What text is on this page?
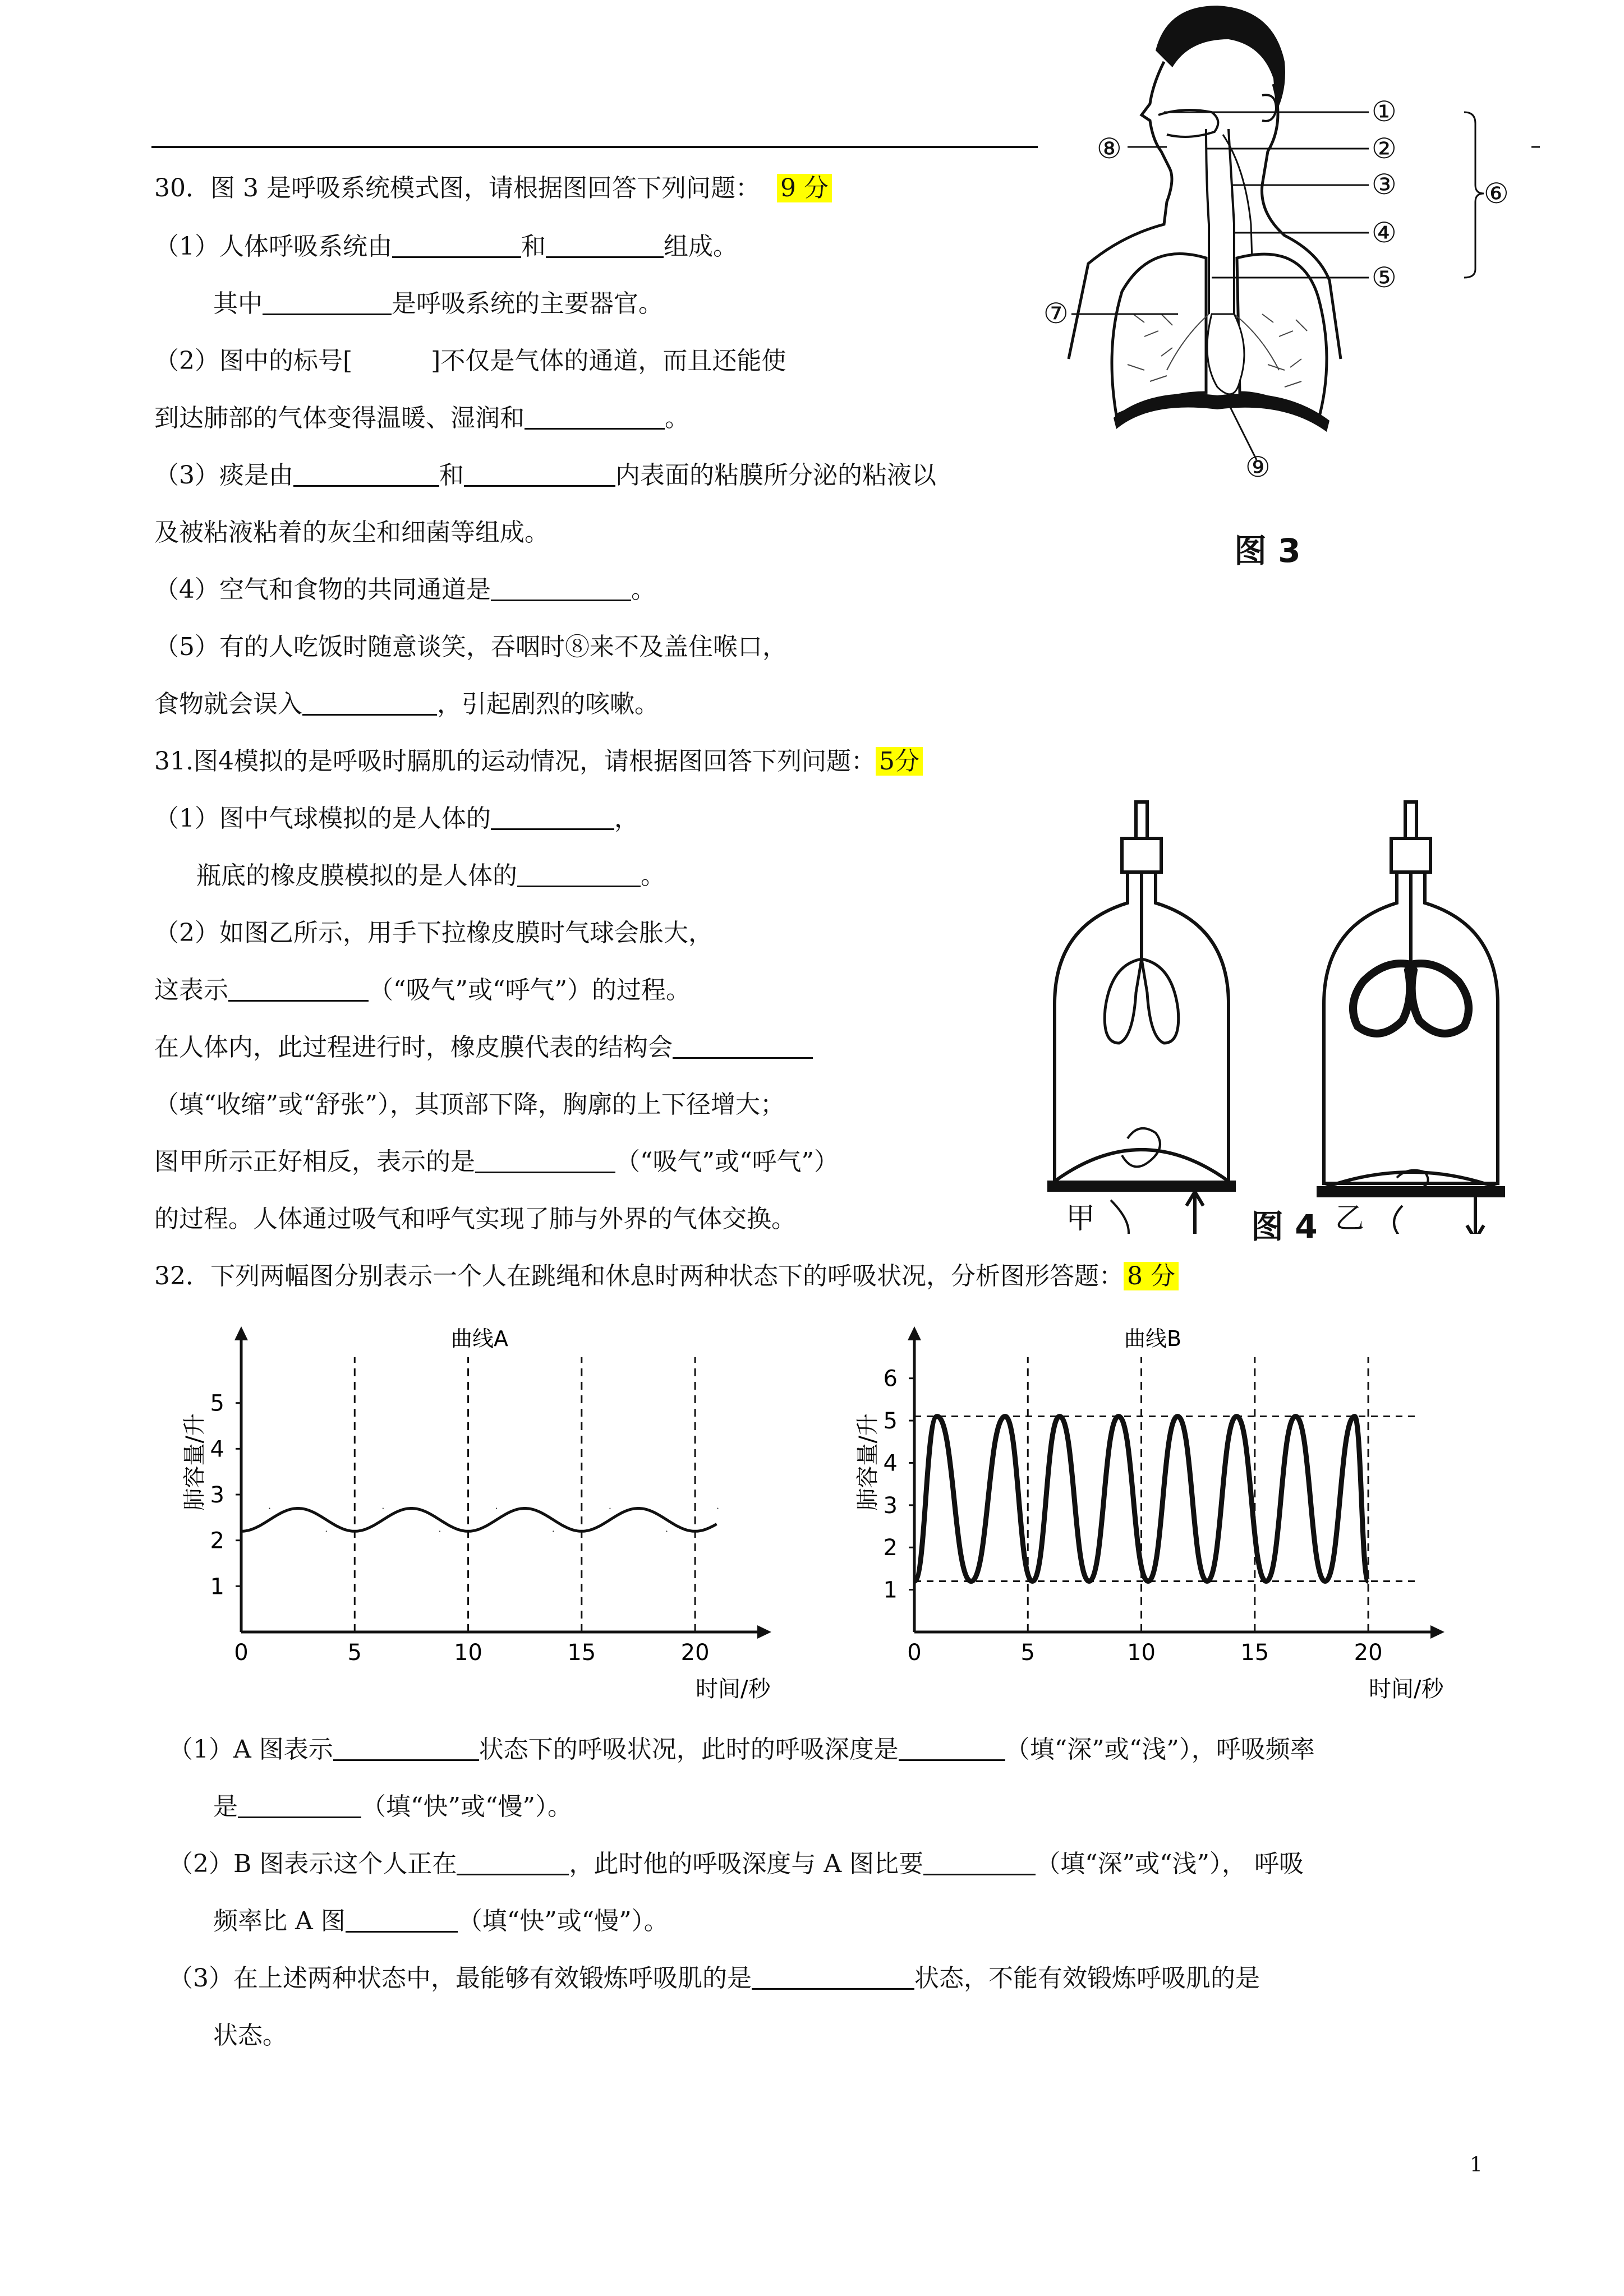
30．图 3 是呼吸系统模式图，请根据图回答下列问题： 9 分
（1）人体呼吸系统由	和	组成。
其中	是呼吸系统的主要器官。
（2）图中的标号[	]不仅是气体的通道，而且还能使
到达肺部的气体变得温暖、湿润和	。
（3）痰是由	和	内表面的粘膜所分泌的粘液以
及被粘液粘着的灰尘和细菌等组成。
（4）空气和食物的共同通道是	。
（5）有的人吃饭时随意谈笑，吞咽时⑧来不及盖住喉口，
食物就会误入	，引起剧烈的咳嗽。
①
②
③
④
⑤
⑥
⑦
⑧
⑨
图 3
31.图4模拟的是呼吸时膈肌的运动情况，请根据图回答下列问题： 5分
（1）图中气球模拟的是人体的	，
瓶底的橡皮膜模拟的是人体的	。
（2）如图乙所示，用手下拉橡皮膜时气球会胀大，
这表示	（“吸气”或“呼气”）的过程。
在人体内，此过程进行时，橡皮膜代表的结构会
（填“收缩”或“舒张”），其顶部下降，胸廓的上下径增大；
图甲所示正好相反，表示的是	（“吸气”或“呼气”）
的过程。人体通过吸气和呼气实现了肺与外界的气体交换。	甲	乙
图 4
32．下列两幅图分别表示一个人在跳绳和休息时两种状态下的呼吸状况，分析图形答题： 8 分
曲线A
0	5	10	15	20
1
2
3
4
5
时间/秒
肺容量/升
曲线B
0	5	10	15	20
1
2
3
4
5
6
时间/秒
肺容量/升
（1）A 图表示	状态下的呼吸状况，此时的呼吸深度是	（填“深”或“浅”），呼吸频率
是	（填“快”或“慢”）。
（2）B 图表示这个人正在	，此时他的呼吸深度与 A 图比要	（填“深”或“浅”）， 呼吸
频率比 A 图	（填“快”或“慢”）。
（3）在上述两种状态中，最能够有效锻炼呼吸肌的是	状态，不能有效锻炼呼吸肌的是
状态。
1
